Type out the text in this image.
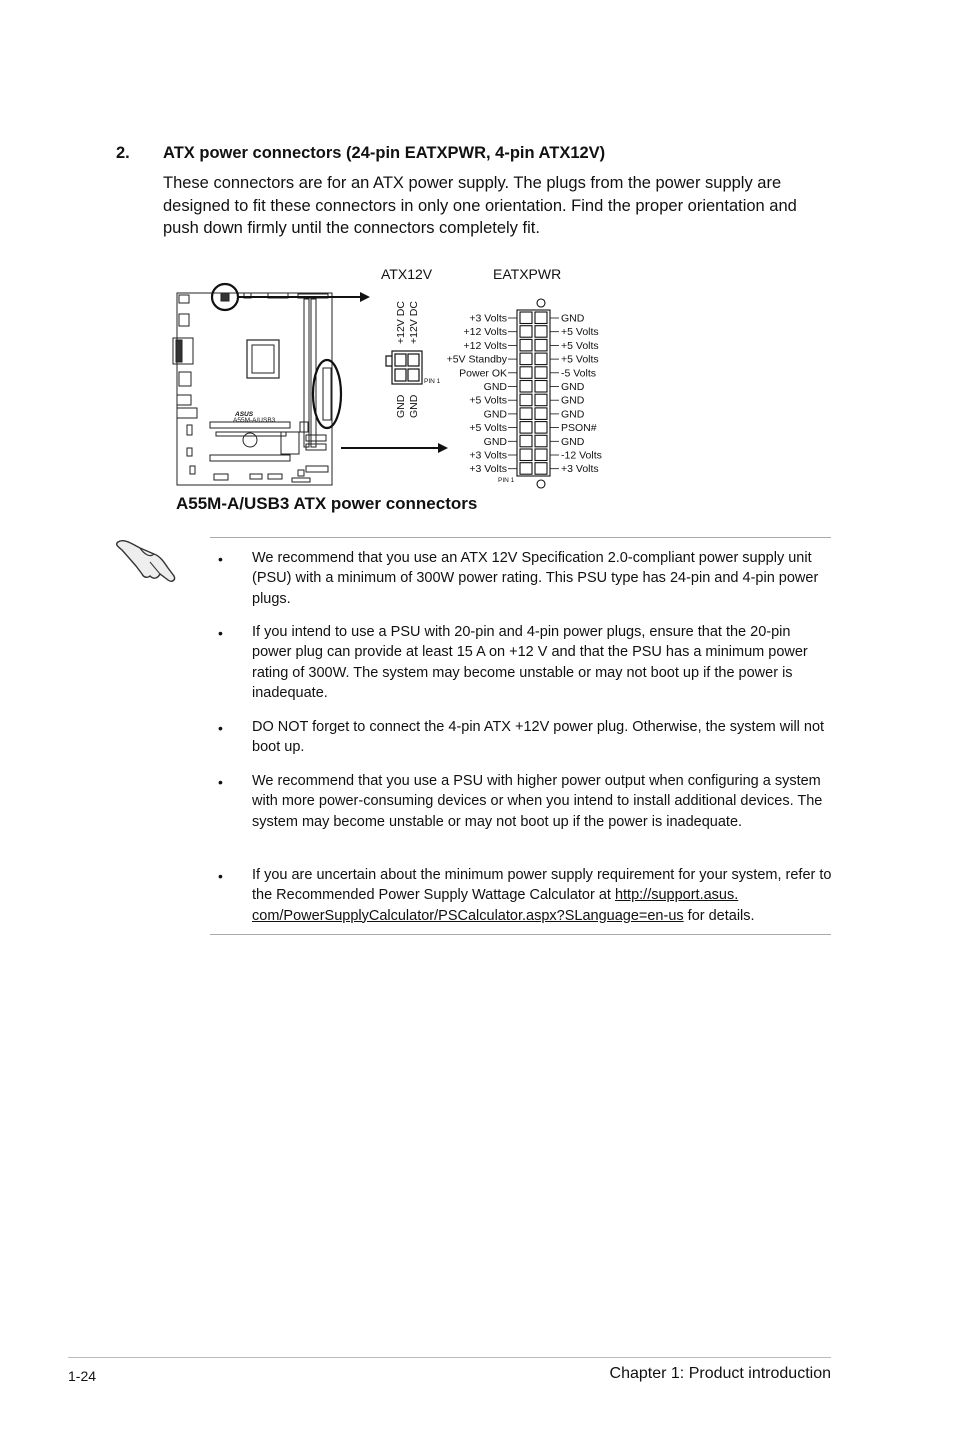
2. ATX power connectors (24-pin EATXPWR, 4-pin ATX12V)
These connectors are for an ATX power supply. The plugs from the power supply are designed to fit these connectors in only one orientation. Find the proper orientation and push down firmly until the connectors completely fit.
ASUS
A55M-A/USB3
ATX12V	EATXPWR
+12V DC +12V DC
GND GND
PIN 1
+3 Volts
+12 Volts
+12 Volts
+5V Standby
Power OK
GND
+5 Volts
GND
+5 Volts
GND
+3 Volts
+3 Volts
GND
+5 Volts
+5 Volts
+5 Volts
-5 Volts
GND
GND
GND
PSON#
GND
-12 Volts
+3 Volts
PIN 1
A55M-A/USB3 ATX power connectors
• We recommend that you use an ATX 12V Specification 2.0-compliant power supply unit (PSU) with a minimum of 300W power rating. This PSU type has 24-pin and 4-pin power plugs.
• If you intend to use a PSU with 20-pin and 4-pin power plugs, ensure that the 20-pin power plug can provide at least 15 A on +12 V and that the PSU has a minimum power rating of 300W. The system may become unstable or may not boot up if the power is inadequate.
• DO NOT forget to connect the 4-pin ATX +12V power plug. Otherwise, the system will not boot up.
• We recommend that you use a PSU with higher power output when configuring a system with more power-consuming devices or when you intend to install additional devices. The system may become unstable or may not boot up if the power is inadequate.
• If you are uncertain about the minimum power supply requirement for your system, refer to the Recommended Power Supply Wattage Calculator at http://support.asus.
com/PowerSupplyCalculator/PSCalculator.aspx?SLanguage=en-us for details.
1-24	Chapter 1: Product introduction
